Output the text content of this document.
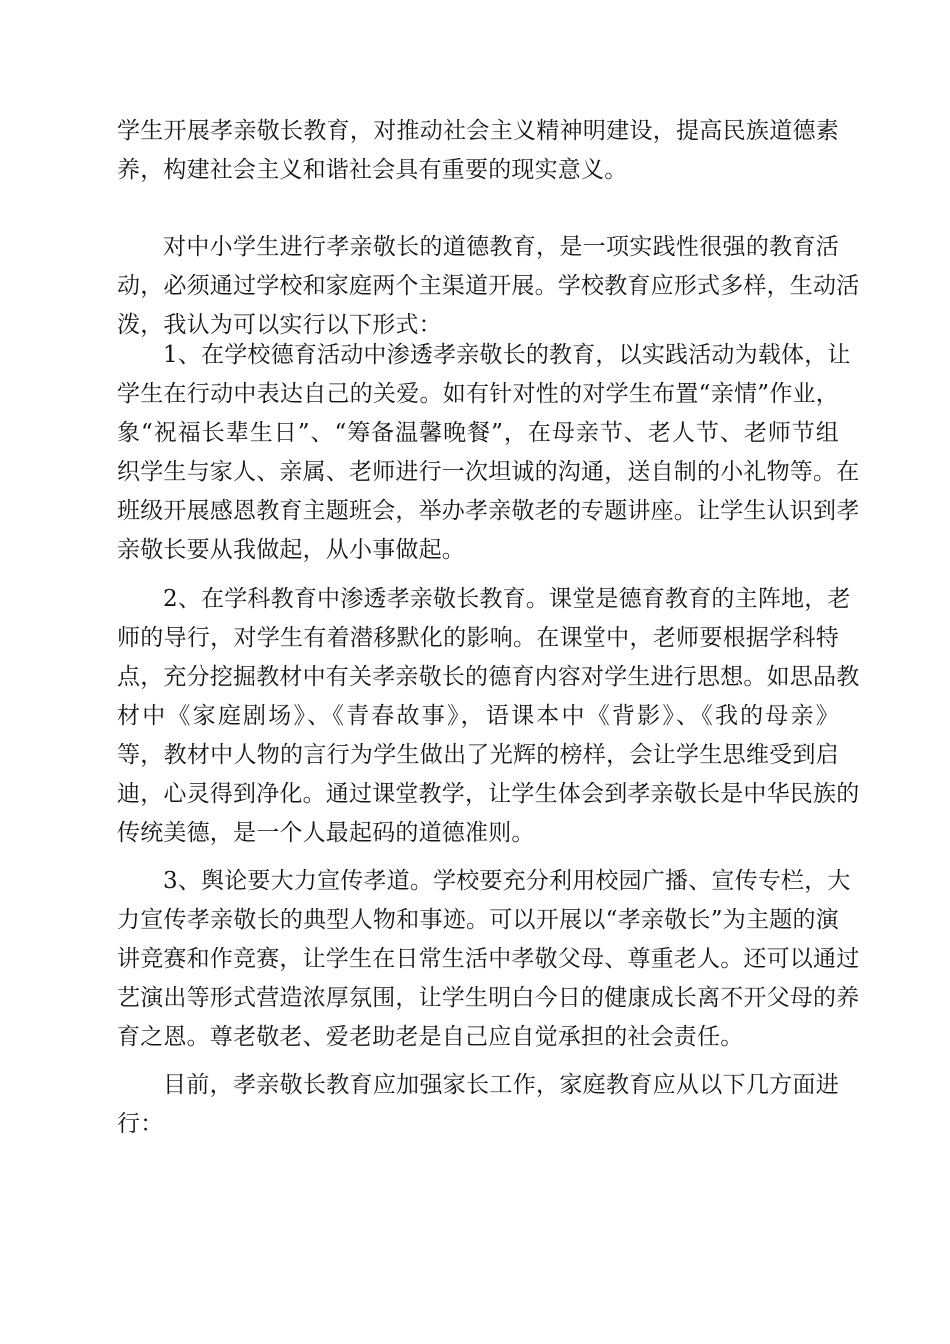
学生开展孝亲敬长教育，对推动社会主义精神明建设，提高民族道德素
养，构建社会主义和谐社会具有重要的现实意义。

对中小学生进行孝亲敬长的道德教育，是一项实践性很强的教育活
动，必须通过学校和家庭两个主渠道开展。学校教育应形式多样，生动活
泼，我认为可以实行以下形式：

1、在学校德育活动中渗透孝亲敬长的教育，以实践活动为载体，让
学生在行动中表达自己的关爱。如有针对性的对学生布置“亲情”作业，
象“祝福长辈生日”、“筹备温馨晚餐”，在母亲节、老人节、老师节组
织学生与家人、亲属、老师进行一次坦诚的沟通，送自制的小礼物等。在
班级开展感恩教育主题班会，举办孝亲敬老的专题讲座。让学生认识到孝
亲敬长要从我做起，从小事做起。

2、在学科教育中渗透孝亲敬长教育。课堂是德育教育的主阵地，老
师的导行，对学生有着潜移默化的影响。在课堂中，老师要根据学科特
点，充分挖掘教材中有关孝亲敬长的德育内容对学生进行思想。如思品教
材中《家庭剧场》、《青春故事》，语课本中《背影》、《我的母亲》
等，教材中人物的言行为学生做出了光辉的榜样，会让学生思维受到启
迪，心灵得到净化。通过课堂教学，让学生体会到孝亲敬长是中华民族的
传统美德，是一个人最起码的道德准则。

3、舆论要大力宣传孝道。学校要充分利用校园广播、宣传专栏，大
力宣传孝亲敬长的典型人物和事迹。可以开展以“孝亲敬长”为主题的演
讲竞赛和作竞赛，让学生在日常生活中孝敬父母、尊重老人。还可以通过
艺演出等形式营造浓厚氛围，让学生明白今日的健康成长离不开父母的养
育之恩。尊老敬老、爱老助老是自己应自觉承担的社会责任。

目前，孝亲敬长教育应加强家长工作，家庭教育应从以下几方面进
行：
